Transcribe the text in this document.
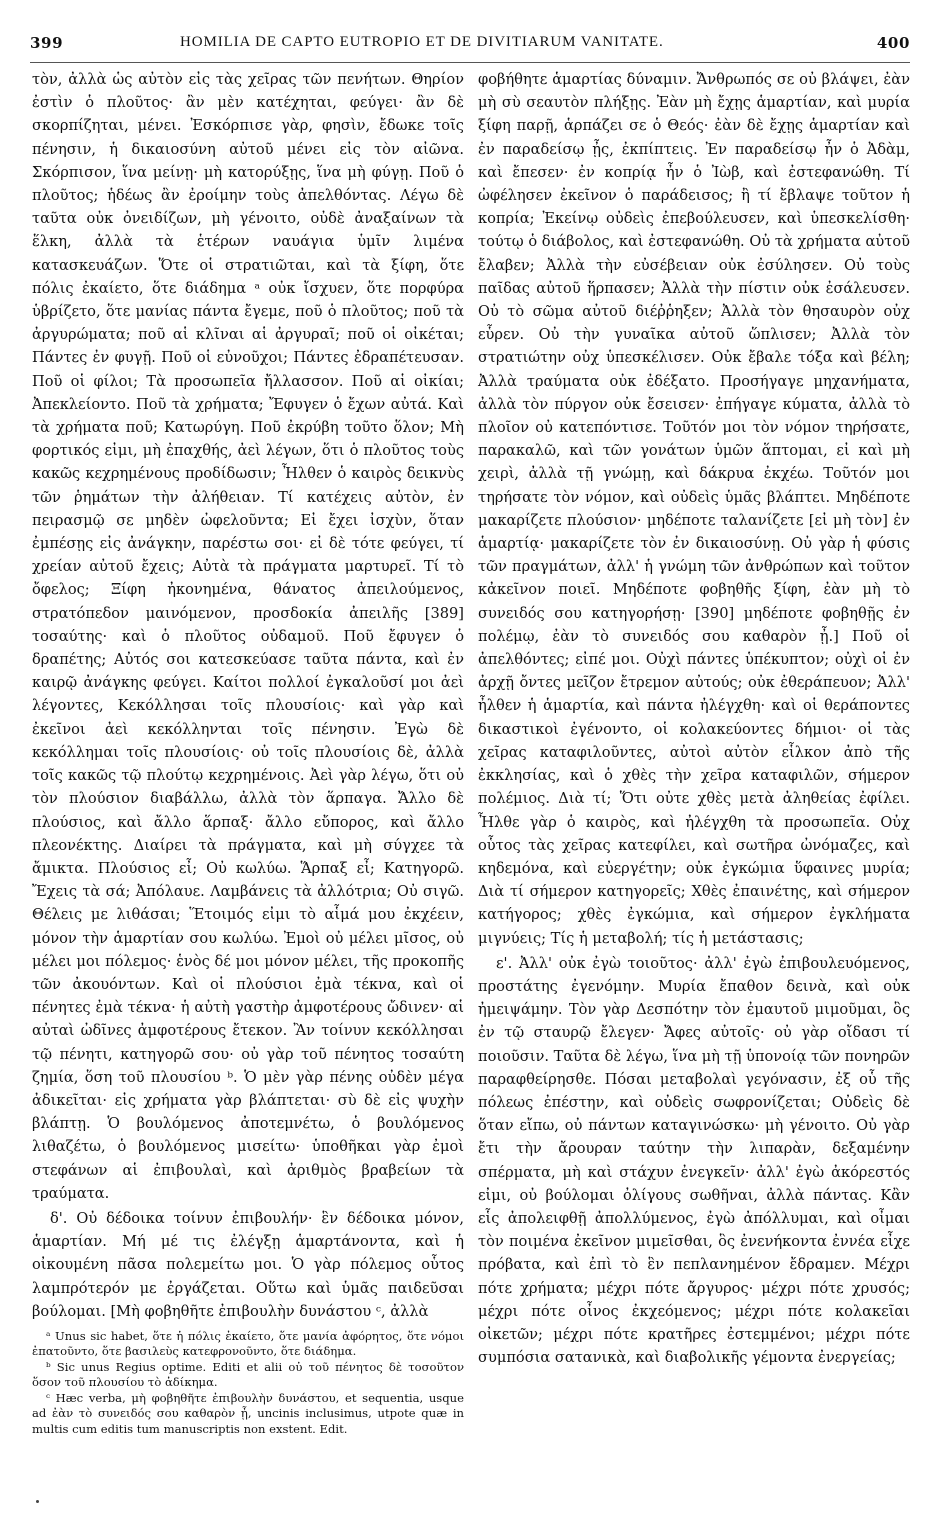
399	HOMILIA DE CAPTO EUTROPIO ET DE DIVITIARUM VANITATE.	400

τὸν, ἀλλὰ ὡς αὐτὸν εἰς τὰς χεῖρας τῶν πενήτων. Θηρίον ἐστὶν ὁ πλοῦτος· ἂν μὲν κατέχηται, φεύγει· ἂν δὲ σκορπίζηται, μένει. Ἐσκόρπισε γὰρ, φησὶν, ἔδωκε τοῖς πένησιν, ἡ δικαιοσύνη αὐτοῦ μένει εἰς τὸν αἰῶνα. Σκόρπισον, ἵνα μείνῃ· μὴ κατορύξῃς, ἵνα μὴ φύγῃ. Ποῦ ὁ πλοῦτος; ἡδέως ἂν ἐροίμην τοὺς ἀπελθόντας. Λέγω δὲ ταῦτα οὐκ ὀνειδίζων, μὴ γένοιτο, οὐδὲ ἀναξαίνων τὰ ἕλκη, ἀλλὰ τὰ ἑτέρων ναυάγια ὑμῖν λιμένα κατασκευάζων. Ὅτε οἱ στρατιῶται, καὶ τὰ ξίφη, ὅτε πόλις ἐκαίετο, ὅτε διάδημα ᵃ οὐκ ἴσχυεν, ὅτε πορφύρα ὑβρίζετο, ὅτε μανίας πάντα ἔγεμε, ποῦ ὁ πλοῦτος; ποῦ τὰ ἀργυρώματα; ποῦ αἱ κλῖναι αἱ ἀργυραῖ; ποῦ οἱ οἰκέται; Πάντες ἐν φυγῇ. Ποῦ οἱ εὐνοῦχοι; Πάντες ἐδραπέτευσαν. Ποῦ οἱ φίλοι; Τὰ προσωπεῖα ἤλλασσον. Ποῦ αἱ οἰκίαι; Ἀπεκλείοντο. Ποῦ τὰ χρήματα; Ἔφυγεν ὁ ἔχων αὐτά. Καὶ τὰ χρήματα ποῦ; Κατωρύγη. Ποῦ ἐκρύβη τοῦτο ὅλον; Μὴ φορτικός εἰμι, μὴ ἐπαχθής, ἀεὶ λέγων, ὅτι ὁ πλοῦτος τοὺς κακῶς κεχρημένους προδίδωσιν; Ἦλθεν ὁ καιρὸς δεικνὺς τῶν ῥημάτων τὴν ἀλήθειαν. Τί κατέχεις αὐτὸν, ἐν πειρασμῷ σε μηδὲν ὠφελοῦντα; Εἰ ἔχει ἰσχὺν, ὅταν ἐμπέσῃς εἰς ἀνάγκην, παρέστω σοι· εἰ δὲ τότε φεύγει, τί χρείαν αὐτοῦ ἔχεις; Αὐτὰ τὰ πράγματα μαρτυρεῖ. Τί τὸ ὄφελος; Ξίφη ἠκονημένα, θάνατος ἀπειλούμενος, στρατόπεδον μαινόμενον, προσδοκία ἀπειλῆς [389] τοσαύτης· καὶ ὁ πλοῦτος οὐδαμοῦ. Ποῦ ἔφυγεν ὁ δραπέτης; Αὐτός σοι κατεσκεύασε ταῦτα πάντα, καὶ ἐν καιρῷ ἀνάγκης φεύγει. Καίτοι πολλοί ἐγκαλοῦσί μοι ἀεὶ λέγοντες, Κεκόλλησαι τοῖς πλουσίοις· καὶ γὰρ καὶ ἐκεῖνοι ἀεὶ κεκόλληνται τοῖς πένησιν. Ἐγὼ δὲ κεκόλλημαι τοῖς πλουσίοις· οὐ τοῖς πλουσίοις δὲ, ἀλλὰ τοῖς κακῶς τῷ πλούτῳ κεχρημένοις. Ἀεὶ γὰρ λέγω, ὅτι οὐ τὸν πλούσιον διαβάλλω, ἀλλὰ τὸν ἅρπαγα. Ἄλλο δὲ πλούσιος, καὶ ἄλλο ἅρπαξ· ἄλλο εὔπορος, καὶ ἄλλο πλεονέκτης. Διαίρει τὰ πράγματα, καὶ μὴ σύγχεε τὰ ἄμικτα. Πλούσιος εἶ; Οὐ κωλύω. Ἅρπαξ εἶ; Κατηγορῶ. Ἔχεις τὰ σά; Ἀπόλαυε. Λαμβάνεις τὰ ἀλλότρια; Οὐ σιγῶ. Θέλεις με λιθάσαι; Ἕτοιμός εἰμι τὸ αἷμά μου ἐκχέειν, μόνον τὴν ἁμαρτίαν σου κωλύω. Ἐμοὶ οὐ μέλει μῖσος, οὐ μέλει μοι πόλεμος· ἑνὸς δέ μοι μόνον μέλει, τῆς προκοπῆς τῶν ἀκουόντων. Καὶ οἱ πλούσιοι ἐμὰ τέκνα, καὶ οἱ πένητες ἐμὰ τέκνα· ἡ αὐτὴ γαστὴρ ἀμφοτέρους ὤδινεν· αἱ αὐταὶ ὠδῖνες ἀμφοτέρους ἔτεκον. Ἂν τοίνυν κεκόλλησαι τῷ πένητι, κατηγορῶ σου· οὐ γὰρ τοῦ πένητος τοσαύτη ζημία, ὅση τοῦ πλουσίου ᵇ. Ὁ μὲν γὰρ πένης οὐδὲν μέγα ἀδικεῖται· εἰς χρήματα γὰρ βλάπτεται· σὺ δὲ εἰς ψυχὴν βλάπτῃ. Ὁ βουλόμενος ἀποτεμνέτω, ὁ βουλόμενος λιθαζέτω, ὁ βουλόμενος μισείτω· ὑποθῆκαι γὰρ ἐμοὶ στεφάνων αἱ ἐπιβουλαὶ, καὶ ἀριθμὸς βραβείων τὰ τραύματα.

δ'. Οὐ δέδοικα τοίνυν ἐπιβουλήν· ἓν δέδοικα μόνον, ἁμαρτίαν. Μή μέ τις ἐλέγξῃ ἁμαρτάνοντα, καὶ ἡ οἰκουμένη πᾶσα πολεμείτω μοι. Ὁ γὰρ πόλεμος οὗτος λαμπρότερόν με ἐργάζεται. Οὕτω καὶ ὑμᾶς παιδεῦσαι βούλομαι. [Μὴ φοβηθῆτε ἐπιβουλὴν δυνάστου ᶜ, ἀλλὰ

ᵃ Unus sic habet, ὅτε ἡ πόλις ἐκαίετο, ὅτε μανία ἀφόρητος, ὅτε νόμοι ἐπατοῦντο, ὅτε βασιλεὺς κατεφρονοῦντο, ὅτε διάδημα.
ᵇ Sic unus Regius optime. Editi et alii οὐ τοῦ πένητος δὲ τοσοῦτον ὅσον τοῦ πλουσίου τὸ ἀδίκημα.
ᶜ Hæc verba, μὴ φοβηθῆτε ἐπιβουλὴν δυνάστου, et sequentia, usque ad ἐὰν τὸ συνειδός σου καθαρὸν ᾖ, uncinis inclusimus, utpote quæ in multis cum editis tum manuscriptis non exstent. Edit.

φοβήθητε ἁμαρτίας δύναμιν. Ἄνθρωπός σε οὐ βλάψει, ἐὰν μὴ σὺ σεαυτὸν πλήξῃς. Ἐὰν μὴ ἔχῃς ἁμαρτίαν, καὶ μυρία ξίφη παρῇ, ἁρπάζει σε ὁ Θεός· ἐὰν δὲ ἔχῃς ἁμαρτίαν καὶ ἐν παραδείσῳ ᾖς, ἐκπίπτεις. Ἐν παραδείσῳ ἦν ὁ Ἀδὰμ, καὶ ἔπεσεν· ἐν κοπρίᾳ ἦν ὁ Ἰὼβ, καὶ ἐστεφανώθη. Τί ὠφέλησεν ἐκεῖνον ὁ παράδεισος; ἢ τί ἔβλαψε τοῦτον ἡ κοπρία; Ἐκείνῳ οὐδεὶς ἐπεβούλευσεν, καὶ ὑπεσκελίσθη· τούτῳ ὁ διάβολος, καὶ ἐστεφανώθη. Οὐ τὰ χρήματα αὐτοῦ ἔλαβεν; Ἀλλὰ τὴν εὐσέβειαν οὐκ ἐσύλησεν. Οὐ τοὺς παῖδας αὐτοῦ ἥρπασεν; Ἀλλὰ τὴν πίστιν οὐκ ἐσάλευσεν. Οὐ τὸ σῶμα αὐτοῦ διέῤῥηξεν; Ἀλλὰ τὸν θησαυρὸν οὐχ εὗρεν. Οὐ τὴν γυναῖκα αὐτοῦ ὥπλισεν; Ἀλλὰ τὸν στρατιώτην οὐχ ὑπεσκέλισεν. Οὐκ ἔβαλε τόξα καὶ βέλη; Ἀλλὰ τραύματα οὐκ ἐδέξατο. Προσήγαγε μηχανήματα, ἀλλὰ τὸν πύργον οὐκ ἔσεισεν· ἐπήγαγε κύματα, ἀλλὰ τὸ πλοῖον οὐ κατεπόντισε. Τοῦτόν μοι τὸν νόμον τηρήσατε, παρακαλῶ, καὶ τῶν γονάτων ὑμῶν ἅπτομαι, εἰ καὶ μὴ χειρὶ, ἀλλὰ τῇ γνώμῃ, καὶ δάκρυα ἐκχέω. Τοῦτόν μοι τηρήσατε τὸν νόμον, καὶ οὐδεὶς ὑμᾶς βλάπτει. Μηδέποτε μακαρίζετε πλούσιον· μηδέποτε ταλανίζετε [εἰ μὴ τὸν] ἐν ἁμαρτίᾳ· μακαρίζετε τὸν ἐν δικαιοσύνῃ. Οὐ γὰρ ἡ φύσις τῶν πραγμάτων, ἀλλ' ἡ γνώμη τῶν ἀνθρώπων καὶ τοῦτον κἀκεῖνον ποιεῖ. Μηδέποτε φοβηθῆς ξίφη, ἐὰν μὴ τὸ συνειδός σου κατηγορήσῃ· [390] μηδέποτε φοβηθῇς ἐν πολέμῳ, ἐὰν τὸ συνειδός σου καθαρὸν ᾖ.] Ποῦ οἱ ἀπελθόντες; εἰπέ μοι. Οὐχὶ πάντες ὑπέκυπτον; οὐχὶ οἱ ἐν ἀρχῇ ὄντες μεῖζον ἔτρεμον αὐτούς; οὐκ ἐθεράπευον; Ἀλλ' ἦλθεν ἡ ἁμαρτία, καὶ πάντα ἠλέγχθη· καὶ οἱ θεράποντες δικαστικοὶ ἐγένοντο, οἱ κολακεύοντες δήμιοι· οἱ τὰς χεῖρας καταφιλοῦντες, αὐτοὶ αὐτὸν εἷλκον ἀπὸ τῆς ἐκκλησίας, καὶ ὁ χθὲς τὴν χεῖρα καταφιλῶν, σήμερον πολέμιος. Διὰ τί; Ὅτι οὐτε χθὲς μετὰ ἀληθείας ἐφίλει. Ἦλθε γὰρ ὁ καιρὸς, καὶ ἠλέγχθη τὰ προσωπεῖα. Οὐχ οὗτος τὰς χεῖρας κατεφίλει, καὶ σωτῆρα ὠνόμαζες, καὶ κηδεμόνα, καὶ εὐεργέτην; οὐκ ἐγκώμια ὕφαινες μυρία; Διὰ τί σήμερον κατηγορεῖς; Χθὲς ἐπαινέτης, καὶ σήμερον κατήγορος; χθὲς ἐγκώμια, καὶ σήμερον ἐγκλήματα μιγνύεις; Τίς ἡ μεταβολή; τίς ἡ μετάστασις;

ε'. Ἀλλ' οὐκ ἐγὼ τοιοῦτος· ἀλλ' ἐγὼ ἐπιβουλευόμενος, προστάτης ἐγενόμην. Μυρία ἔπαθον δεινὰ, καὶ οὐκ ἠμειψάμην. Τὸν γὰρ Δεσπότην τὸν ἐμαυτοῦ μιμοῦμαι, ὃς ἐν τῷ σταυρῷ ἔλεγεν· Ἄφες αὐτοῖς· οὐ γὰρ οἴδασι τί ποιοῦσιν. Ταῦτα δὲ λέγω, ἵνα μὴ τῇ ὑπονοίᾳ τῶν πονηρῶν παραφθείρησθε. Πόσαι μεταβολαὶ γεγόνασιν, ἐξ οὗ τῆς πόλεως ἐπέστην, καὶ οὐδεὶς σωφρονίζεται; Οὐδεὶς δὲ ὅταν εἴπω, οὐ πάντων καταγινώσκω· μὴ γένοιτο. Οὐ γὰρ ἔτι τὴν ἄρουραν ταύτην τὴν λιπαρὰν, δεξαμένην σπέρματα, μὴ καὶ στάχυν ἐνεγκεῖν· ἀλλ' ἐγὼ ἀκόρεστός εἰμι, οὐ βούλομαι ὀλίγους σωθῆναι, ἀλλὰ πάντας. Κἂν εἷς ἀπολειφθῇ ἀπολλύμενος, ἐγὼ ἀπόλλυμαι, καὶ οἶμαι τὸν ποιμένα ἐκεῖνον μιμεῖσθαι, ὃς ἐνενήκοντα ἐννέα εἶχε πρόβατα, καὶ ἐπὶ τὸ ἓν πεπλανημένον ἔδραμεν. Μέχρι πότε χρήματα; μέχρι πότε ἄργυρος· μέχρι πότε χρυσός; μέχρι πότε οἶνος ἐκχεόμενος; μέχρι πότε κολακεῖαι οἰκετῶν; μέχρι πότε κρατῆρες ἐστεμμένοι; μέχρι πότε συμπόσια σατανικὰ, καὶ διαβολικῆς γέμοντα ἐνεργείας;
